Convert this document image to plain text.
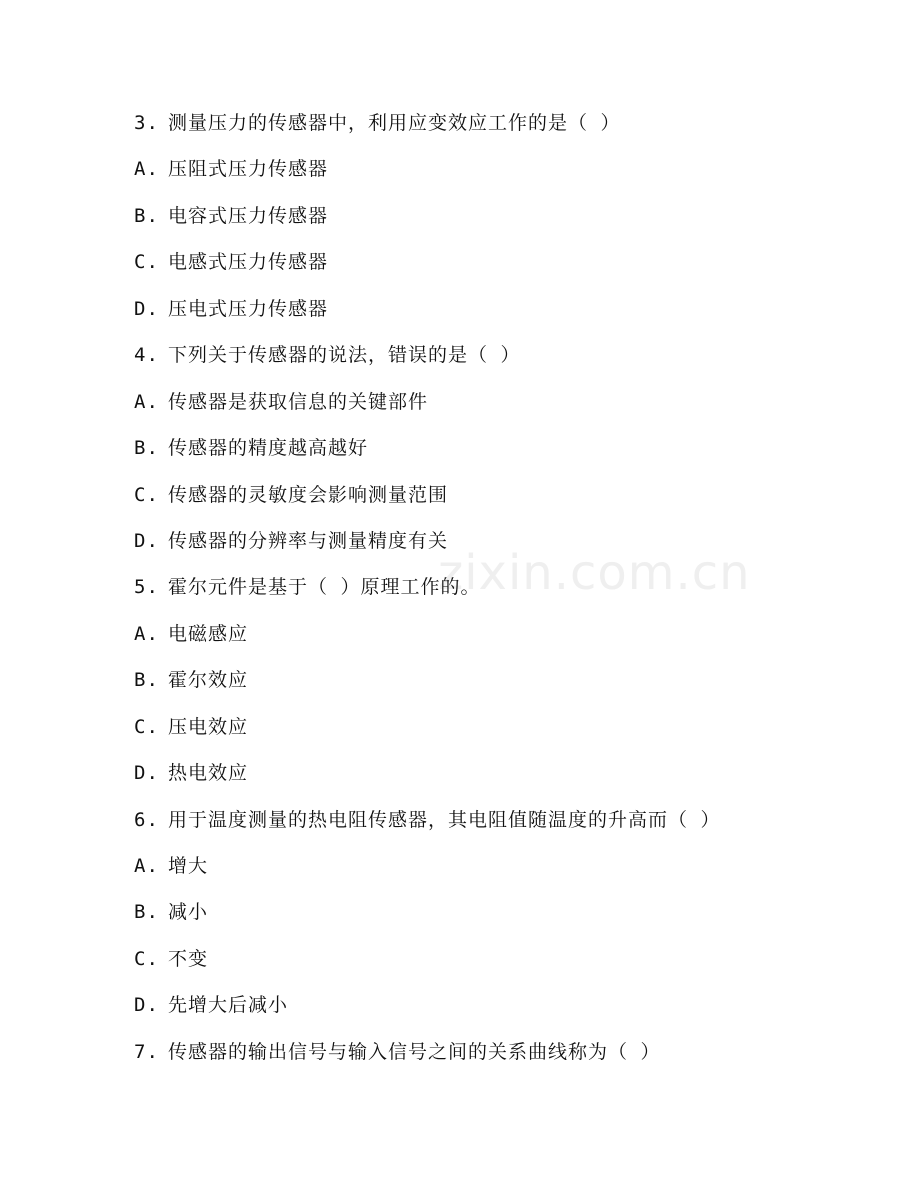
zixin.com.cn
3. 测量压力的传感器中，利用应变效应工作的是（ ）
A. 压阻式压力传感器
B. 电容式压力传感器
C. 电感式压力传感器
D. 压电式压力传感器
4. 下列关于传感器的说法，错误的是（ ）
A. 传感器是获取信息的关键部件
B. 传感器的精度越高越好
C. 传感器的灵敏度会影响测量范围
D. 传感器的分辨率与测量精度有关
5. 霍尔元件是基于（ ）原理工作的。
A. 电磁感应
B. 霍尔效应
C. 压电效应
D. 热电效应
6. 用于温度测量的热电阻传感器，其电阻值随温度的升高而（ ）
A. 增大
B. 减小
C. 不变
D. 先增大后减小
7. 传感器的输出信号与输入信号之间的关系曲线称为（ ）
